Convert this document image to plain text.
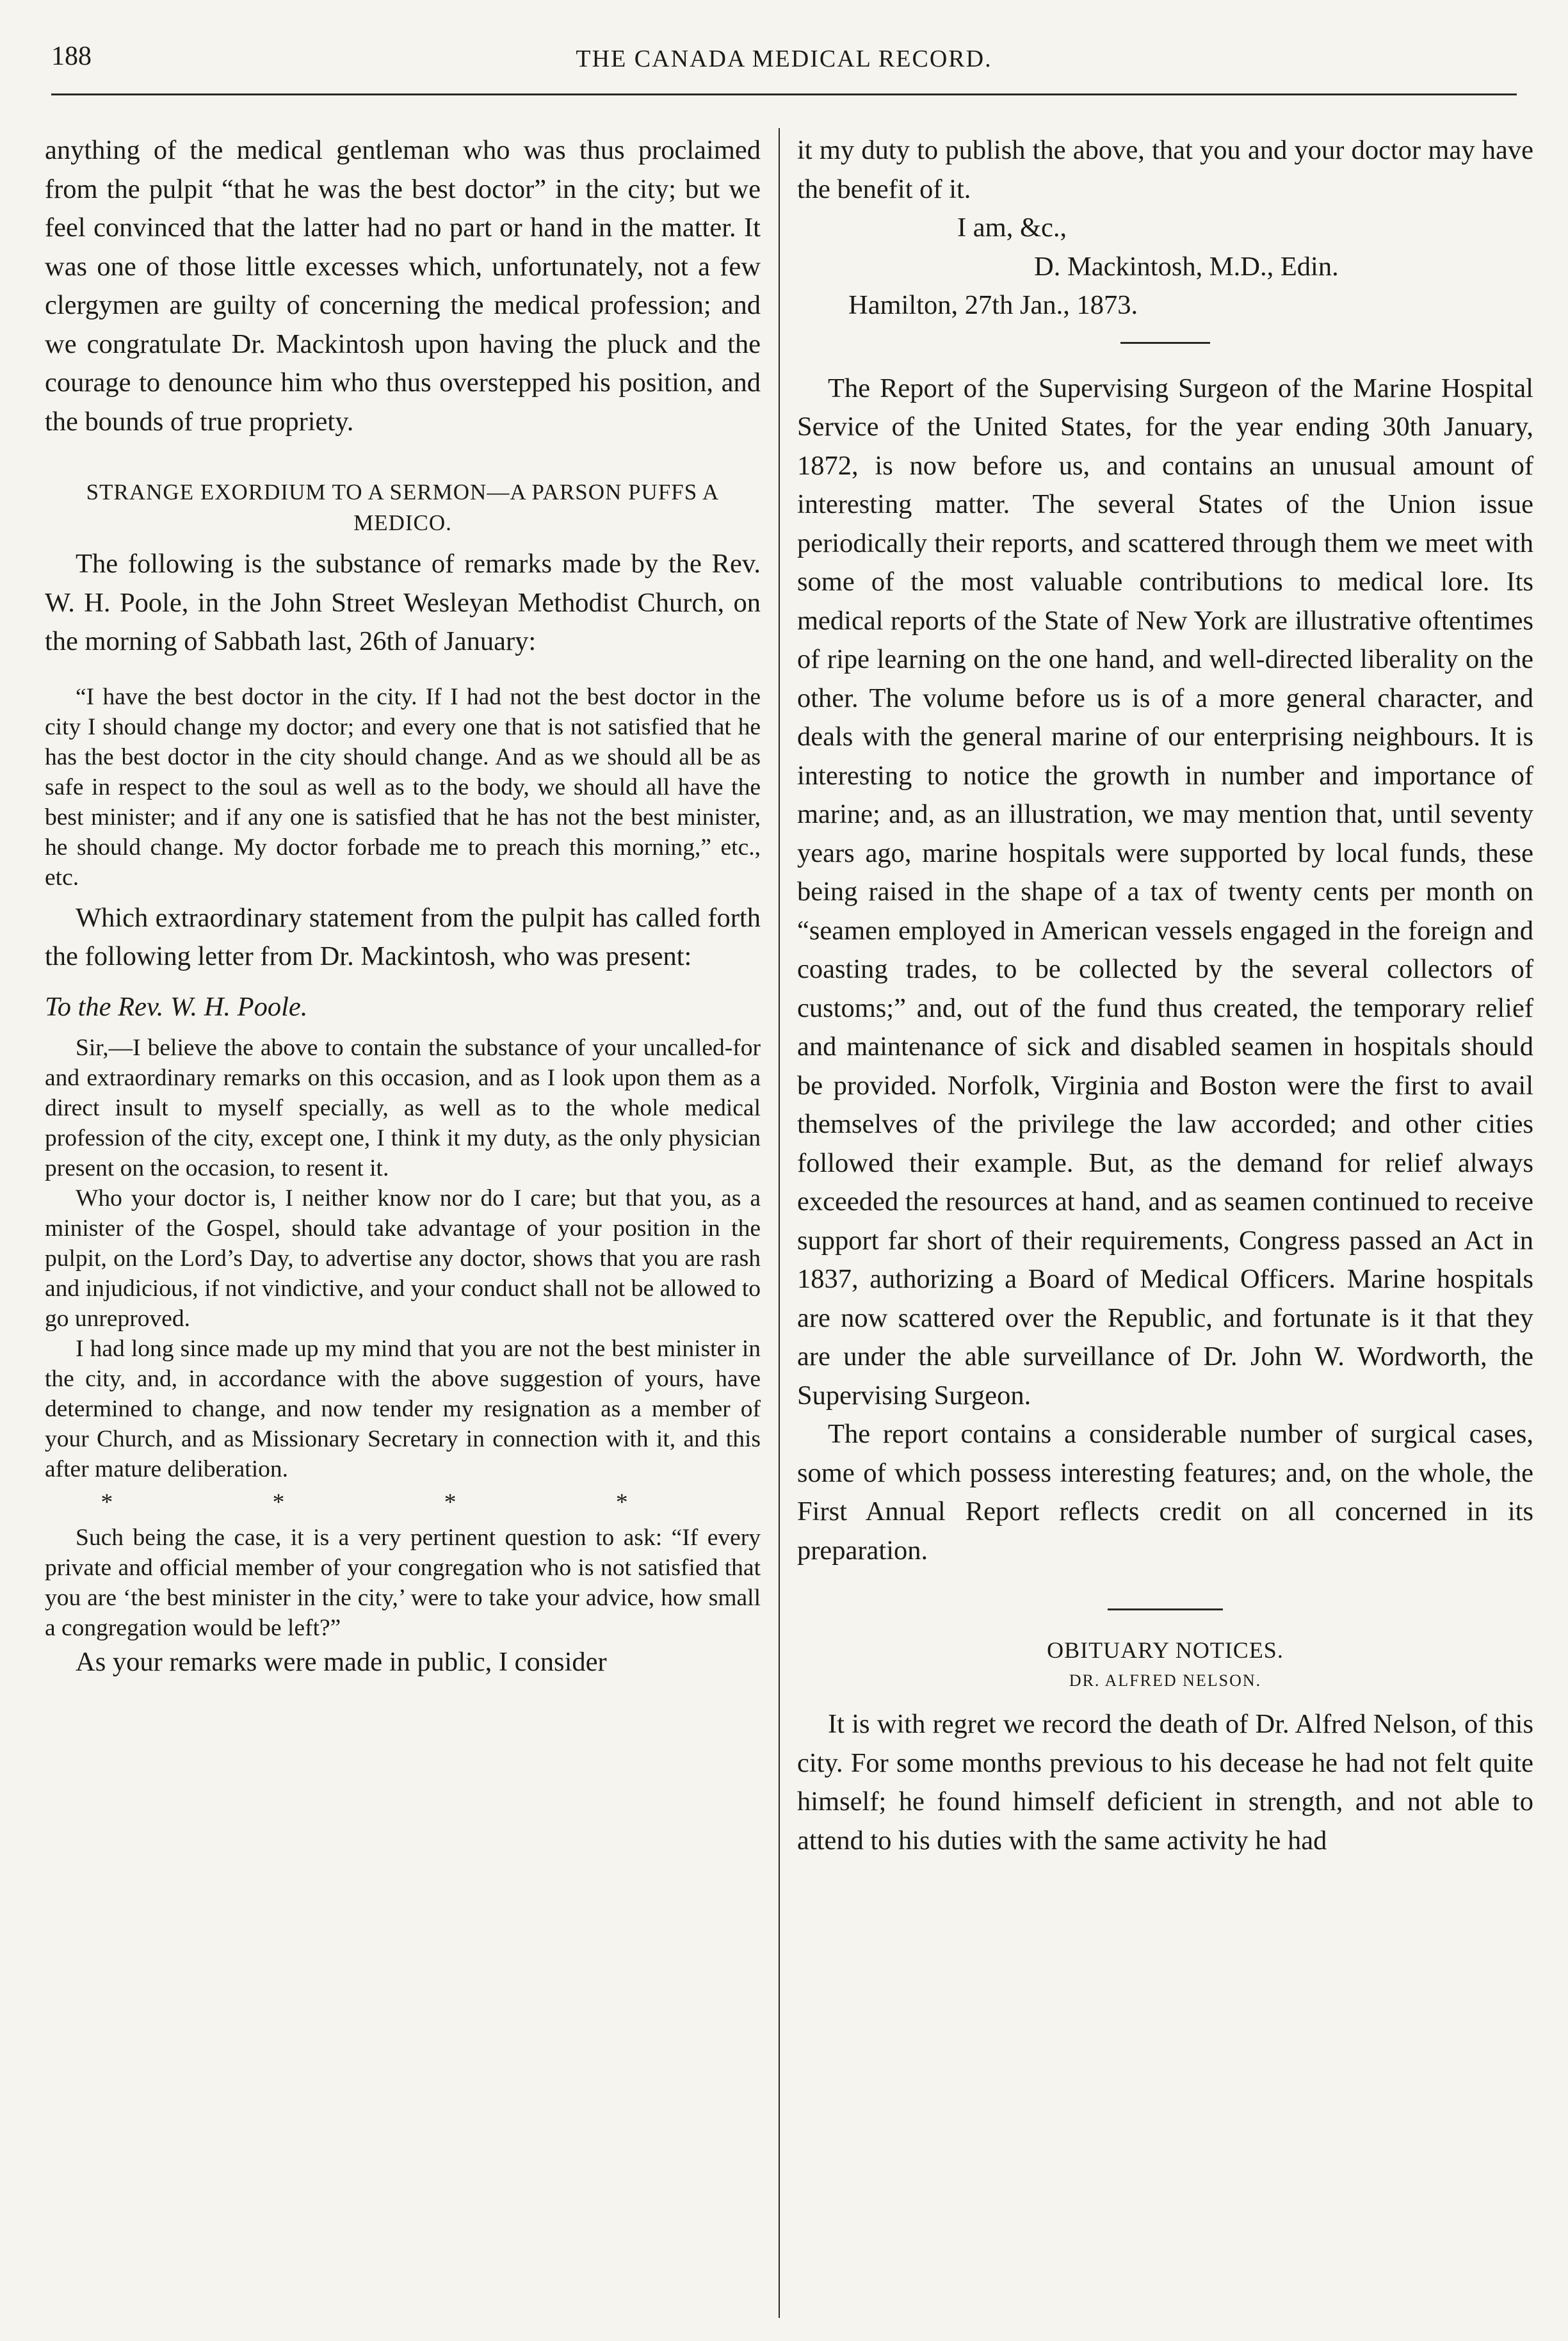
188	THE CANADA MEDICAL RECORD.

anything of the medical gentleman who was thus proclaimed from the pulpit “that he was the best doctor” in the city; but we feel convinced that the latter had no part or hand in the matter. It was one of those little excesses which, unfortunately, not a few clergymen are guilty of concerning the medical profession; and we congratulate Dr. Mackintosh upon having the pluck and the courage to denounce him who thus overstepped his position, and the bounds of true propriety.

STRANGE EXORDIUM TO A SERMON—A PARSON PUFFS A MEDICO.

The following is the substance of remarks made by the Rev. W. H. Poole, in the John Street Wesleyan Methodist Church, on the morning of Sabbath last, 26th of January:

“I have the best doctor in the city. If I had not the best doctor in the city I should change my doctor; and every one that is not satisfied that he has the best doctor in the city should change. And as we should all be as safe in respect to the soul as well as to the body, we should all have the best minister; and if any one is satisfied that he has not the best minister, he should change. My doctor forbade me to preach this morning,” etc., etc.

Which extraordinary statement from the pulpit has called forth the following letter from Dr. Mackintosh, who was present:

To the Rev. W. H. Poole.

Sir,—I believe the above to contain the substance of your uncalled-for and extraordinary remarks on this occasion, and as I look upon them as a direct insult to myself specially, as well as to the whole medical profession of the city, except one, I think it my duty, as the only physician present on the occasion, to resent it.

Who your doctor is, I neither know nor do I care; but that you, as a minister of the Gospel, should take advantage of your position in the pulpit, on the Lord’s Day, to advertise any doctor, shows that you are rash and injudicious, if not vindictive, and your conduct shall not be allowed to go unreproved.

I had long since made up my mind that you are not the best minister in the city, and, in accordance with the above suggestion of yours, have determined to change, and now tender my resignation as a member of your Church, and as Missionary Secretary in connection with it, and this after mature deliberation.

* * * *

Such being the case, it is a very pertinent question to ask: “If every private and official member of your congregation who is not satisfied that you are ‘the best minister in the city,’ were to take your advice, how small a congregation would be left?”

As your remarks were made in public, I consider

it my duty to publish the above, that you and your doctor may have the benefit of it.

I am, &c.,
D. Mackintosh, M.D., Edin.
Hamilton, 27th Jan., 1873.

The Report of the Supervising Surgeon of the Marine Hospital Service of the United States, for the year ending 30th January, 1872, is now before us, and contains an unusual amount of interesting matter. The several States of the Union issue periodically their reports, and scattered through them we meet with some of the most valuable contributions to medical lore. Its medical reports of the State of New York are illustrative oftentimes of ripe learning on the one hand, and well-directed liberality on the other. The volume before us is of a more general character, and deals with the general marine of our enterprising neighbours. It is interesting to notice the growth in number and importance of marine; and, as an illustration, we may mention that, until seventy years ago, marine hospitals were supported by local funds, these being raised in the shape of a tax of twenty cents per month on “seamen employed in American vessels engaged in the foreign and coasting trades, to be collected by the several collectors of customs;” and, out of the fund thus created, the temporary relief and maintenance of sick and disabled seamen in hospitals should be provided. Norfolk, Virginia and Boston were the first to avail themselves of the privilege the law accorded; and other cities followed their example. But, as the demand for relief always exceeded the resources at hand, and as seamen continued to receive support far short of their requirements, Congress passed an Act in 1837, authorizing a Board of Medical Officers. Marine hospitals are now scattered over the Republic, and fortunate is it that they are under the able surveillance of Dr. John W. Wordworth, the Supervising Surgeon.

The report contains a considerable number of surgical cases, some of which possess interesting features; and, on the whole, the First Annual Report reflects credit on all concerned in its preparation.

OBITUARY NOTICES.
DR. ALFRED NELSON.

It is with regret we record the death of Dr. Alfred Nelson, of this city. For some months previous to his decease he had not felt quite himself; he found himself deficient in strength, and not able to attend to his duties with the same activity he had
